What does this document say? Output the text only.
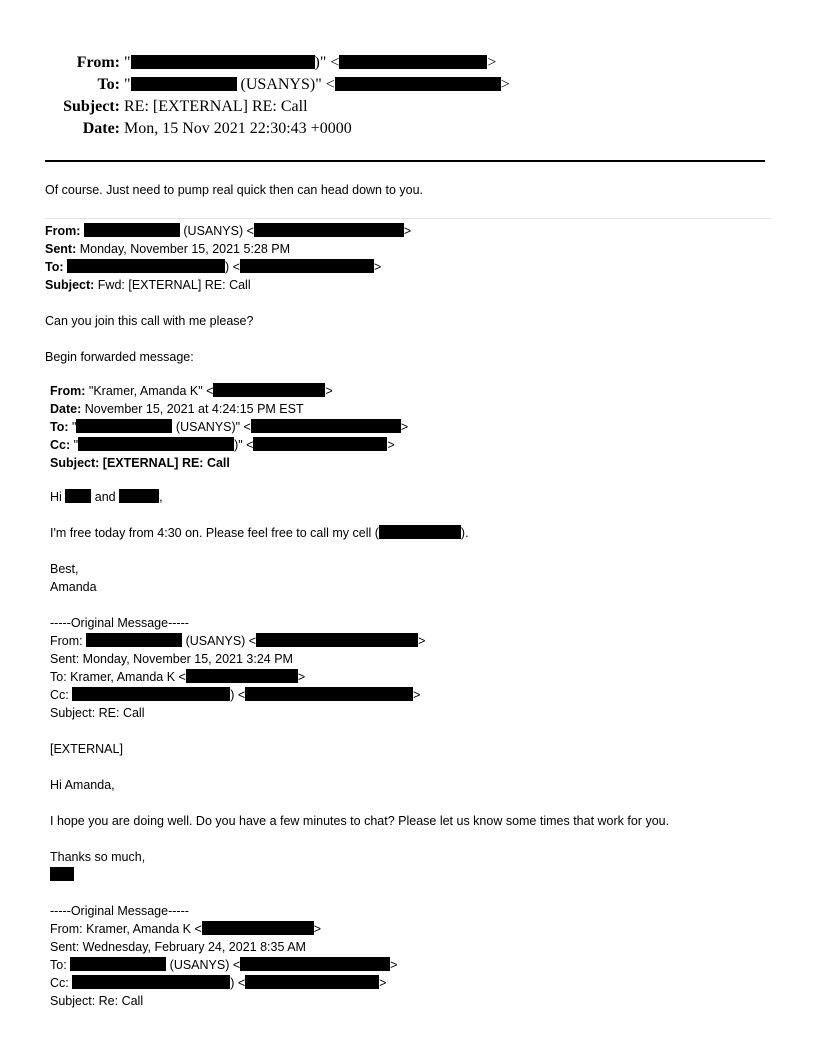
From: "	)" <	>
To: "	(USANYS)" <	>
Subject: RE: [EXTERNAL] RE: Call
Date: Mon, 15 Nov 2021 22:30:43 +0000
Of course. Just need to pump real quick then can head down to you.
From:	(USANYS) <	>
Sent: Monday, November 15, 2021 5:28 PM
To:	) <	>
Subject: Fwd: [EXTERNAL] RE: Call
Can you join this call with me please?
Begin forwarded message:
From: "Kramer, Amanda K" <	>
Date: November 15, 2021 at 4:24:15 PM EST
To: "	(USANYS)" <	>
Cc: "	)" <	>
Subject: [EXTERNAL] RE: Call
Hi	and	,
I'm free today from 4:30 on. Please feel free to call my cell (	).
Best,
Amanda
-----Original Message-----
From:	(USANYS) <	>
Sent: Monday, November 15, 2021 3:24 PM
To: Kramer, Amanda K <	>
Cc:	) <	>
Subject: RE: Call
[EXTERNAL]
Hi Amanda,
I hope you are doing well. Do you have a few minutes to chat? Please let us know some times that work for you.
Thanks so much,
-----Original Message-----
From: Kramer, Amanda K <	>
Sent: Wednesday, February 24, 2021 8:35 AM
To:	(USANYS) <	>
Cc:	) <	>
Subject: Re: Call
